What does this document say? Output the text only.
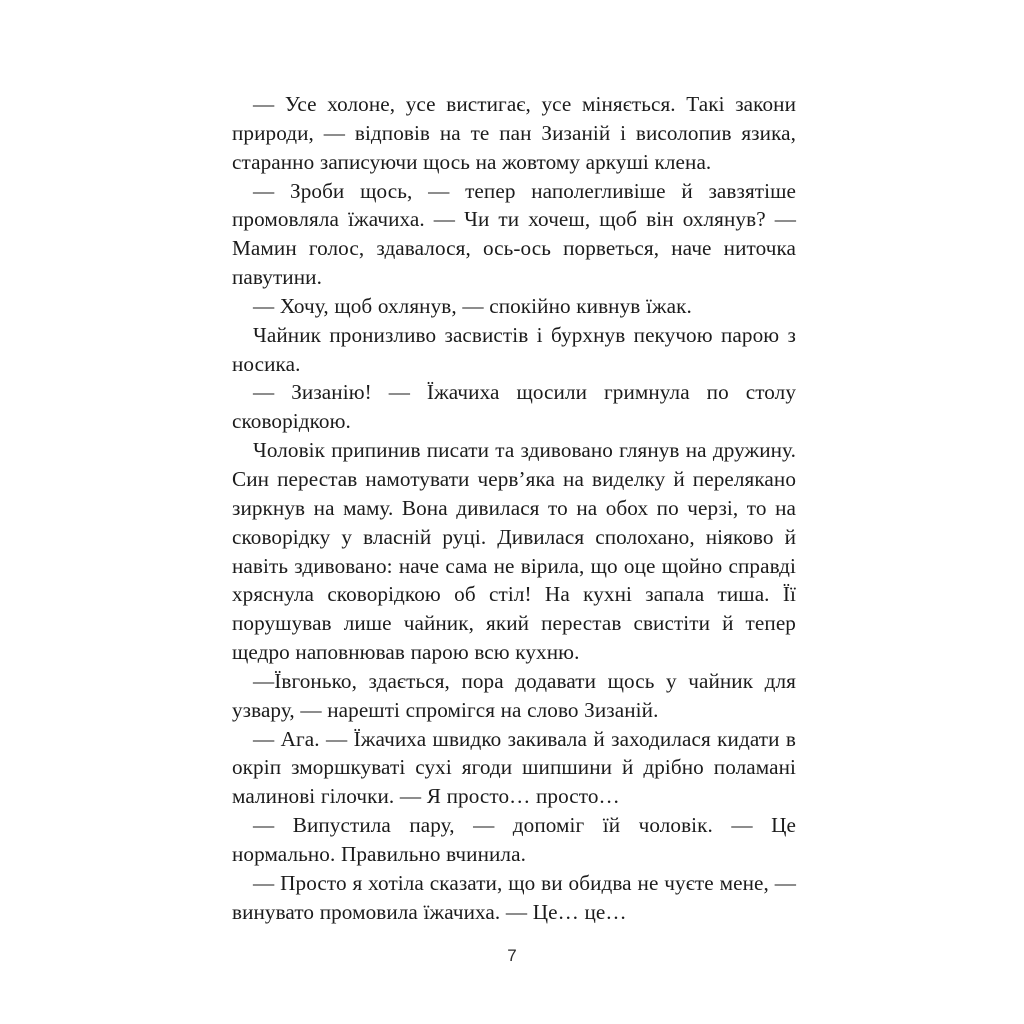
— Усе холоне, усе вистигає, усе міняється. Такі закони природи, — відповів на те пан Зизаній і висолопив язика, старанно записуючи щось на жовтому аркуші клена.

— Зроби щось, — тепер наполегливіше й завзятіше промовляла їжачиха. — Чи ти хочеш, щоб він охлянув? — Мамин голос, здавалося, ось-ось порветься, наче ниточка павутини.

— Хочу, щоб охлянув, — спокійно кивнув їжак.

Чайник пронизливо засвистів і бурхнув пекучою парою з носика.

— Зизанію! — Їжачиха щосили гримнула по столу сковорідкою.

Чоловік припинив писати та здивовано глянув на дружину. Син перестав намотувати черв’яка на виделку й перелякано зиркнув на маму. Вона дивилася то на обох по черзі, то на сковорідку у власній руці. Дивилася сполохано, ніяково й навіть здивовано: наче сама не вірила, що оце щойно справді хряснула сковорідкою об стіл! На кухні запала тиша. Її порушував лише чайник, який перестав свистіти й тепер щедро наповнював парою всю кухню.

—Ївгонько, здається, пора додавати щось у чайник для узвару, — нарешті спромігся на слово Зизаній.

— Ага. — Їжачиха швидко закивала й заходилася кидати в окріп зморшкуваті сухі ягоди шипшини й дрібно поламані малинові гілочки. — Я просто… просто…

— Випустила пару, — допоміг їй чоловік. — Це нормально. Правильно вчинила.

— Просто я хотіла сказати, що ви обидва не чуєте мене, — винувато промовила їжачиха. — Це… це…

7
